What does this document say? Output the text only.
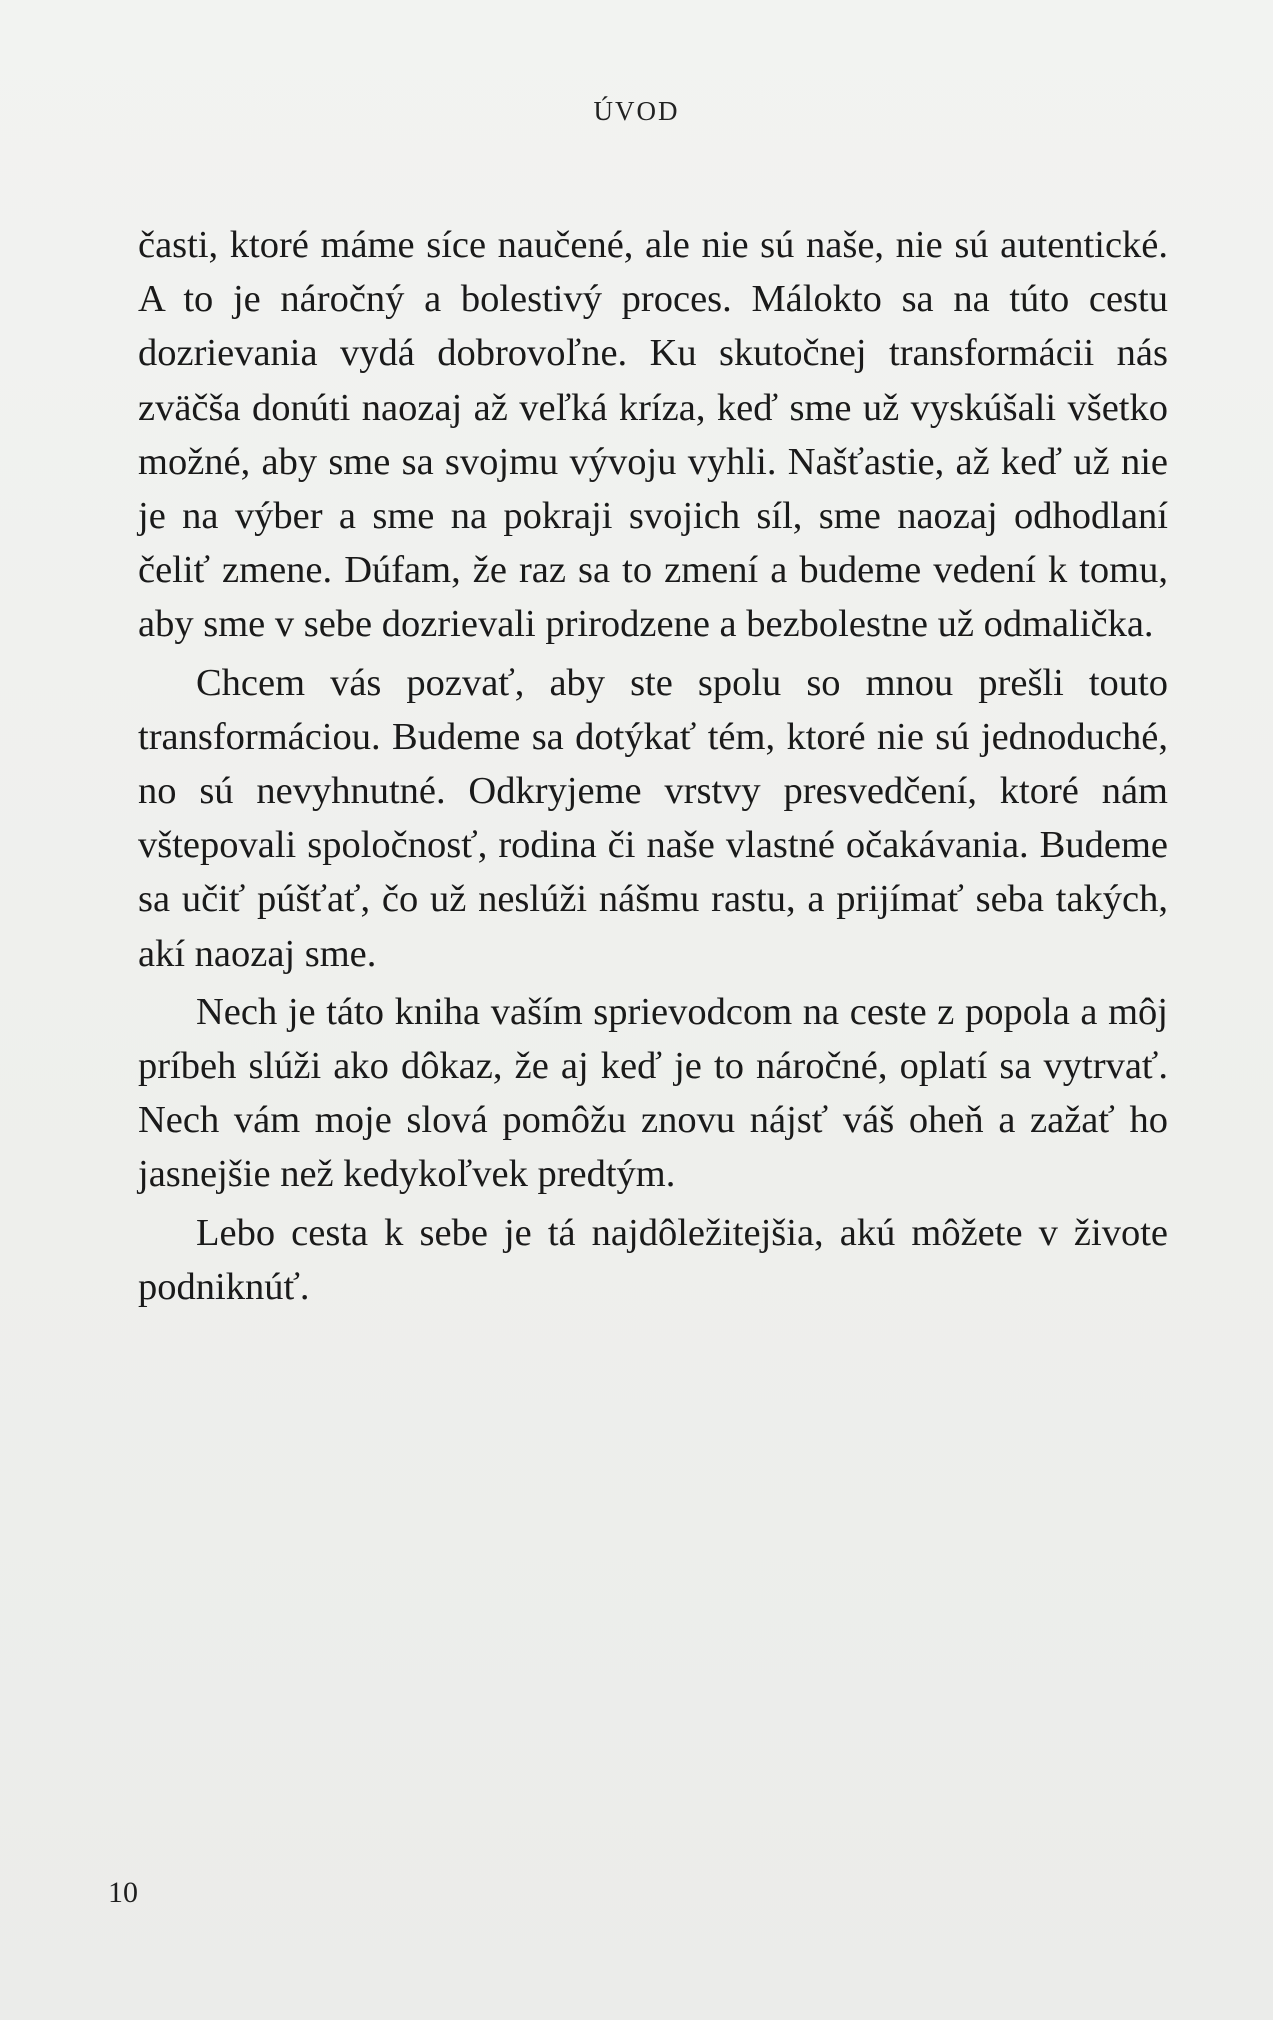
ÚVOD

časti, ktoré máme síce naučené, ale nie sú naše, nie sú autentické. A to je náročný a bolestivý proces. Málokto sa na túto cestu dozrievania vydá dobrovoľne. Ku skutočnej transformácii nás zväčša donúti naozaj až veľká kríza, keď sme už vyskúšali všetko možné, aby sme sa svojmu vývoju vyhli. Našťastie, až keď už nie je na výber a sme na pokraji svojich síl, sme naozaj odhodlaní čeliť zmene. Dúfam, že raz sa to zmení a budeme vedení k tomu, aby sme v sebe dozrievali prirodzene a bezbolestne už odmalička.

Chcem vás pozvať, aby ste spolu so mnou prešli touto transformáciou. Budeme sa dotýkať tém, ktoré nie sú jednoduché, no sú nevyhnutné. Odkryjeme vrstvy presvedčení, ktoré nám vštepovali spoločnosť, rodina či naše vlastné očakávania. Budeme sa učiť púšťať, čo už neslúži nášmu rastu, a prijímať seba takých, akí naozaj sme.

Nech je táto kniha vaším sprievodcom na ceste z popola a môj príbeh slúži ako dôkaz, že aj keď je to náročné, oplatí sa vytrvať. Nech vám moje slová pomôžu znovu nájsť váš oheň a zažať ho jasnejšie než kedykoľvek predtým.

Lebo cesta k sebe je tá najdôležitejšia, akú môžete v živote podniknúť.

10
